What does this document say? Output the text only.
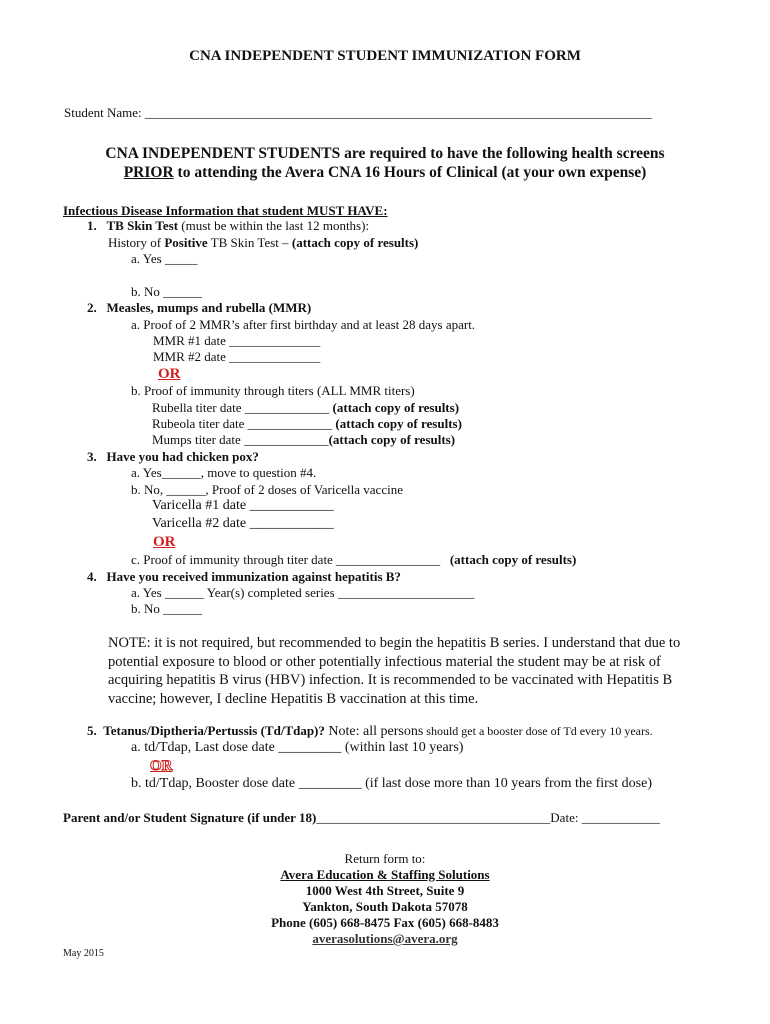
CNA INDEPENDENT STUDENT IMMUNIZATION FORM
Student Name: ______________________________________________________________________________
CNA INDEPENDENT STUDENTS are required to have the following health screens
PRIOR to attending the Avera CNA 16 Hours of Clinical (at your own expense)
Infectious Disease Information that student MUST HAVE:
1. TB Skin Test (must be within the last 12 months):
History of Positive TB Skin Test – (attach copy of results)
a. Yes _____
b. No ______
2. Measles, mumps and rubella (MMR)
a. Proof of 2 MMR’s after first birthday and at least 28 days apart.
MMR #1 date ______________
MMR #2 date ______________
OR
b. Proof of immunity through titers (ALL MMR titers)
Rubella titer date _____________ (attach copy of results)
Rubeola titer date _____________ (attach copy of results)
Mumps titer date _____________(attach copy of results)
3. Have you had chicken pox?
a. Yes______, move to question #4.
b. No, ______, Proof of 2 doses of Varicella vaccine
Varicella #1 date ____________
Varicella #2 date ____________
OR
c. Proof of immunity through titer date ________________   (attach copy of results)
4. Have you received immunization against hepatitis B?
a. Yes ______ Year(s) completed series _____________________
b. No ______
NOTE: it is not required, but recommended to begin the hepatitis B series. I understand that due to potential exposure to blood or other potentially infectious material the student may be at risk of acquiring hepatitis B virus (HBV) infection. It is recommended to be vaccinated with Hepatitis B vaccine; however, I decline Hepatitis B vaccination at this time.
5. Tetanus/Diptheria/Pertussis (Td/Tdap)? Note: all persons should get a booster dose of Td every 10 years.
a. td/Tdap, Last dose date _________ (within last 10 years)
OR
b. td/Tdap, Booster dose date _________ (if last dose more than 10 years from the first dose)
Parent and/or Student Signature (if under 18)____________________________________Date: ____________
Return form to:
Avera Education & Staffing Solutions
1000 West 4th Street, Suite 9
Yankton, South Dakota 57078
Phone (605) 668-8475 Fax (605) 668-8483
averasolutions@avera.org
May 2015
